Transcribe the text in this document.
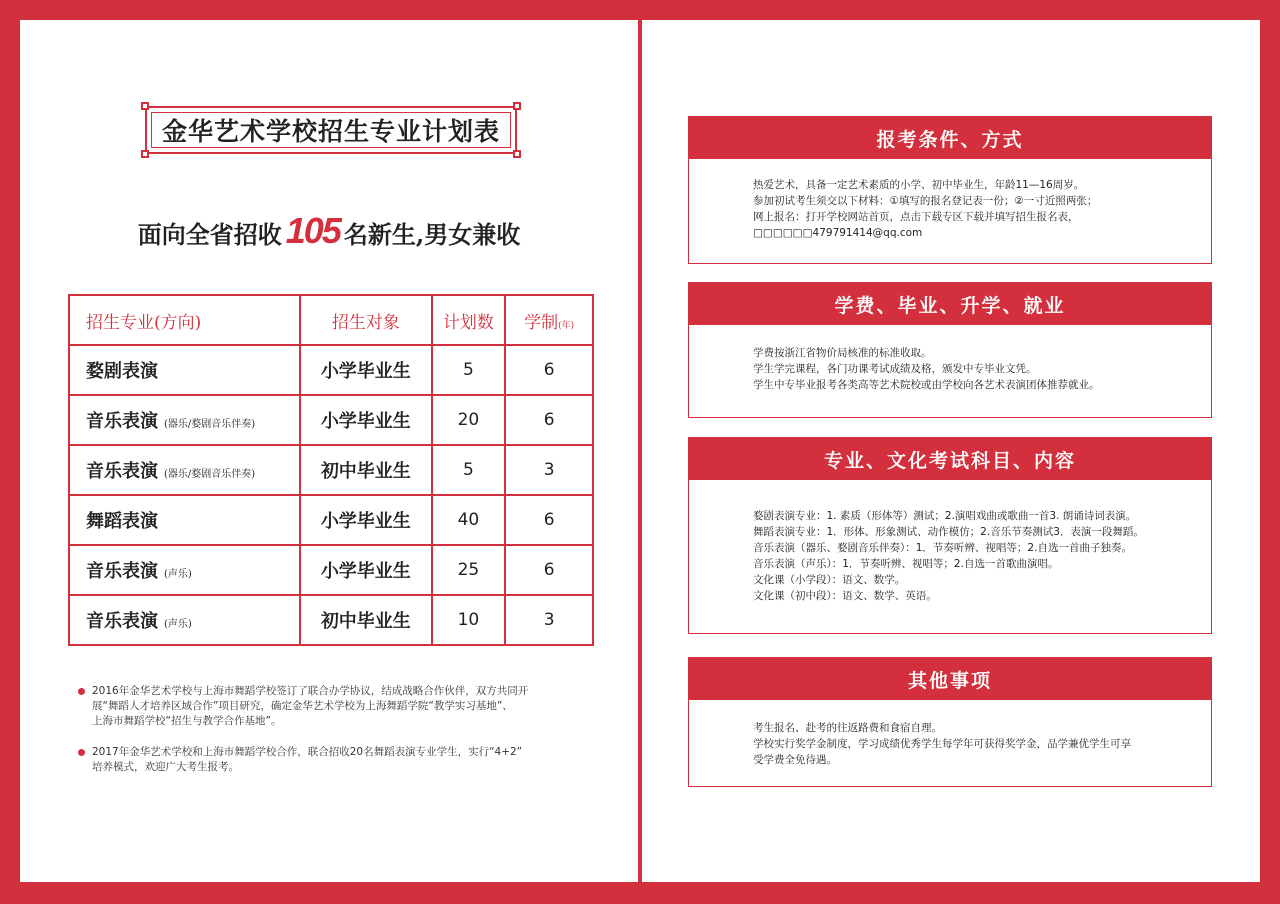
金华艺术学校招生专业计划表
面向全省招收 105 名新生,男女兼收
招生专业(方向)	招生对象	计划数	学制(年)
婺剧表演	小学毕业生	5	6
音乐表演 (器乐/婺剧音乐伴奏)	小学毕业生	20	6
音乐表演 (器乐/婺剧音乐伴奏)	初中毕业生	5	3
舞蹈表演	小学毕业生	40	6
音乐表演 (声乐)	小学毕业生	25	6
音乐表演 (声乐)	初中毕业生	10	3
2016年金华艺术学校与上海市舞蹈学校签订了联合办学协议，结成战略合作伙伴，双方共同开
展“舞蹈人才培养区域合作”项目研究，确定金华艺术学校为上海舞蹈学院“教学实习基地”、
上海市舞蹈学校“招生与教学合作基地”。
2017年金华艺术学校和上海市舞蹈学校合作，联合招收20名舞蹈表演专业学生，实行“4+2”
培养模式，欢迎广大考生报考。
报考条件、方式
热爱艺术，具备一定艺术素质的小学、初中毕业生，年龄11—16周岁。
参加初试考生须交以下材料：①填写的报名登记表一份；②一寸近照两张；
网上报名：打开学校网站首页，点击下载专区下载并填写招生报名表，
□□□□□□479791414@qq.com
学费、毕业、升学、就业
学费按浙江省物价局核准的标准收取。
学生学完课程，各门功课考试成绩及格，颁发中专毕业文凭。
学生中专毕业报考各类高等艺术院校或由学校向各艺术表演团体推荐就业。
专业、文化考试科目、内容
婺剧表演专业：1. 素质（形体等）测试；2.演唱戏曲或歌曲一首3. 朗诵诗词表演。
舞蹈表演专业：1．形体、形象测试、动作模仿；2.音乐节奏测试3．表演一段舞蹈。
音乐表演（器乐、婺剧音乐伴奏）：1．节奏听辨、视唱等；2.自选一首曲子独奏。
音乐表演（声乐）：1．节奏听辨、视唱等；2.自选一首歌曲演唱。
文化课（小学段）：语文、数学。
文化课（初中段）：语文、数学、英语。
其他事项
考生报名、赴考的往返路费和食宿自理。
学校实行奖学金制度，学习成绩优秀学生每学年可获得奖学金，品学兼优学生可享
受学费全免待遇。
